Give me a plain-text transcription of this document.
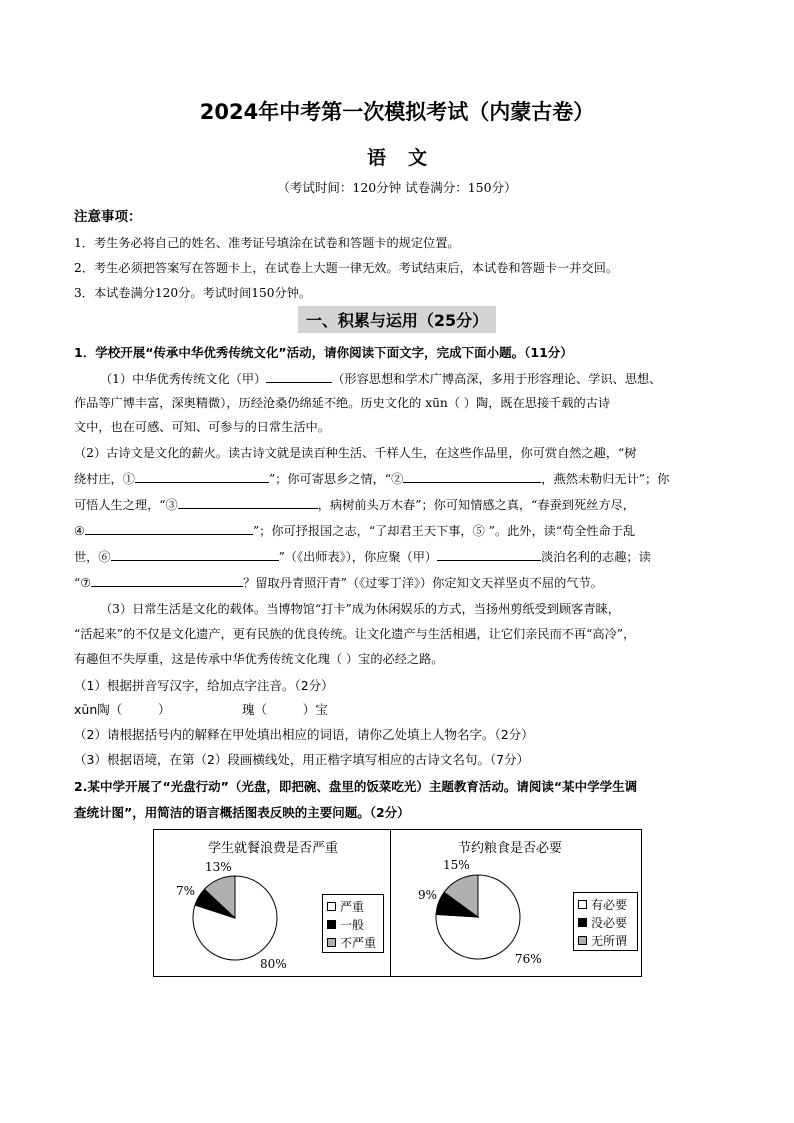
2024年中考第一次模拟考试（内蒙古卷）
语文
（考试时间：120分钟 试卷满分：150分）
注意事项：
1．考生务必将自己的姓名、准考证号填涂在试卷和答题卡的规定位置。
2．考生必须把答案写在答题卡上，在试卷上大题一律无效。考试结束后，本试卷和答题卡一并交回。
3．本试卷满分120分。考试时间150分钟。
一、积累与运用（25分）
1．学校开展“传承中华优秀传统文化”活动，请你阅读下面文字，完成下面小题。（11分）
（1）中华优秀传统文化（甲）	（形容思想和学术广博高深，多用于形容理论、学识、思想、
作品等广博丰富，深奥精微），历经沧桑仍绵延不绝。历史文化的 xūn（ ）陶，既在思接千载的古诗
文中，也在可感、可知、可参与的日常生活中。
（2）古诗文是文化的薪火。读古诗文就是读百种生活、千样人生，在这些作品里，你可赏自然之趣，“树
绕村庄，①	”；你可寄思乡之情，“②	，燕然未勒归无计”；你
可悟人生之理，“③	，病树前头万木春”；你可知情感之真，“春蚕到死丝方尽，
④	”；你可抒报国之志，“了却君王天下事，⑤ ”。此外，读“苟全性命于乱
世，⑥	”（《出师表》），你应聚（甲）	淡泊名利的志趣；读
“⑦	？留取丹青照汗青”（《过零丁洋》）你定知文天祥坚贞不屈的气节。
（3）日常生活是文化的载体。当博物馆“打卡”成为休闲娱乐的方式，当扬州剪纸受到顾客青睐，
“活起来”的不仅是文化遗产，更有民族的优良传统。让文化遗产与生活相遇，让它们亲民而不再“高冷”，
有趣但不失厚重，这是传承中华优秀传统文化瑰（ ）宝的必经之路。
（1）根据拼音写汉字，给加点字注音。（2分）
xūn陶（         ）                  瑰（         ）宝
（2）请根据括号内的解释在甲处填出相应的词语，请你乙处填上人物名字。（2分）
（3）根据语境，在第（2）段画横线处，用正楷字填写相应的古诗文名句。（7分）
2.某中学开展了“光盘行动”（光盘，即把碗、盘里的饭菜吃光）主题教育活动。请阅读“某中学学生调
查统计图”，用简洁的语言概括图表反映的主要问题。（2分）
学生就餐浪费是否严重
13%
7%
80%
严重
一般
不严重
节约粮食是否必要
15%
9%
76%
有必要
没必要
无所谓
